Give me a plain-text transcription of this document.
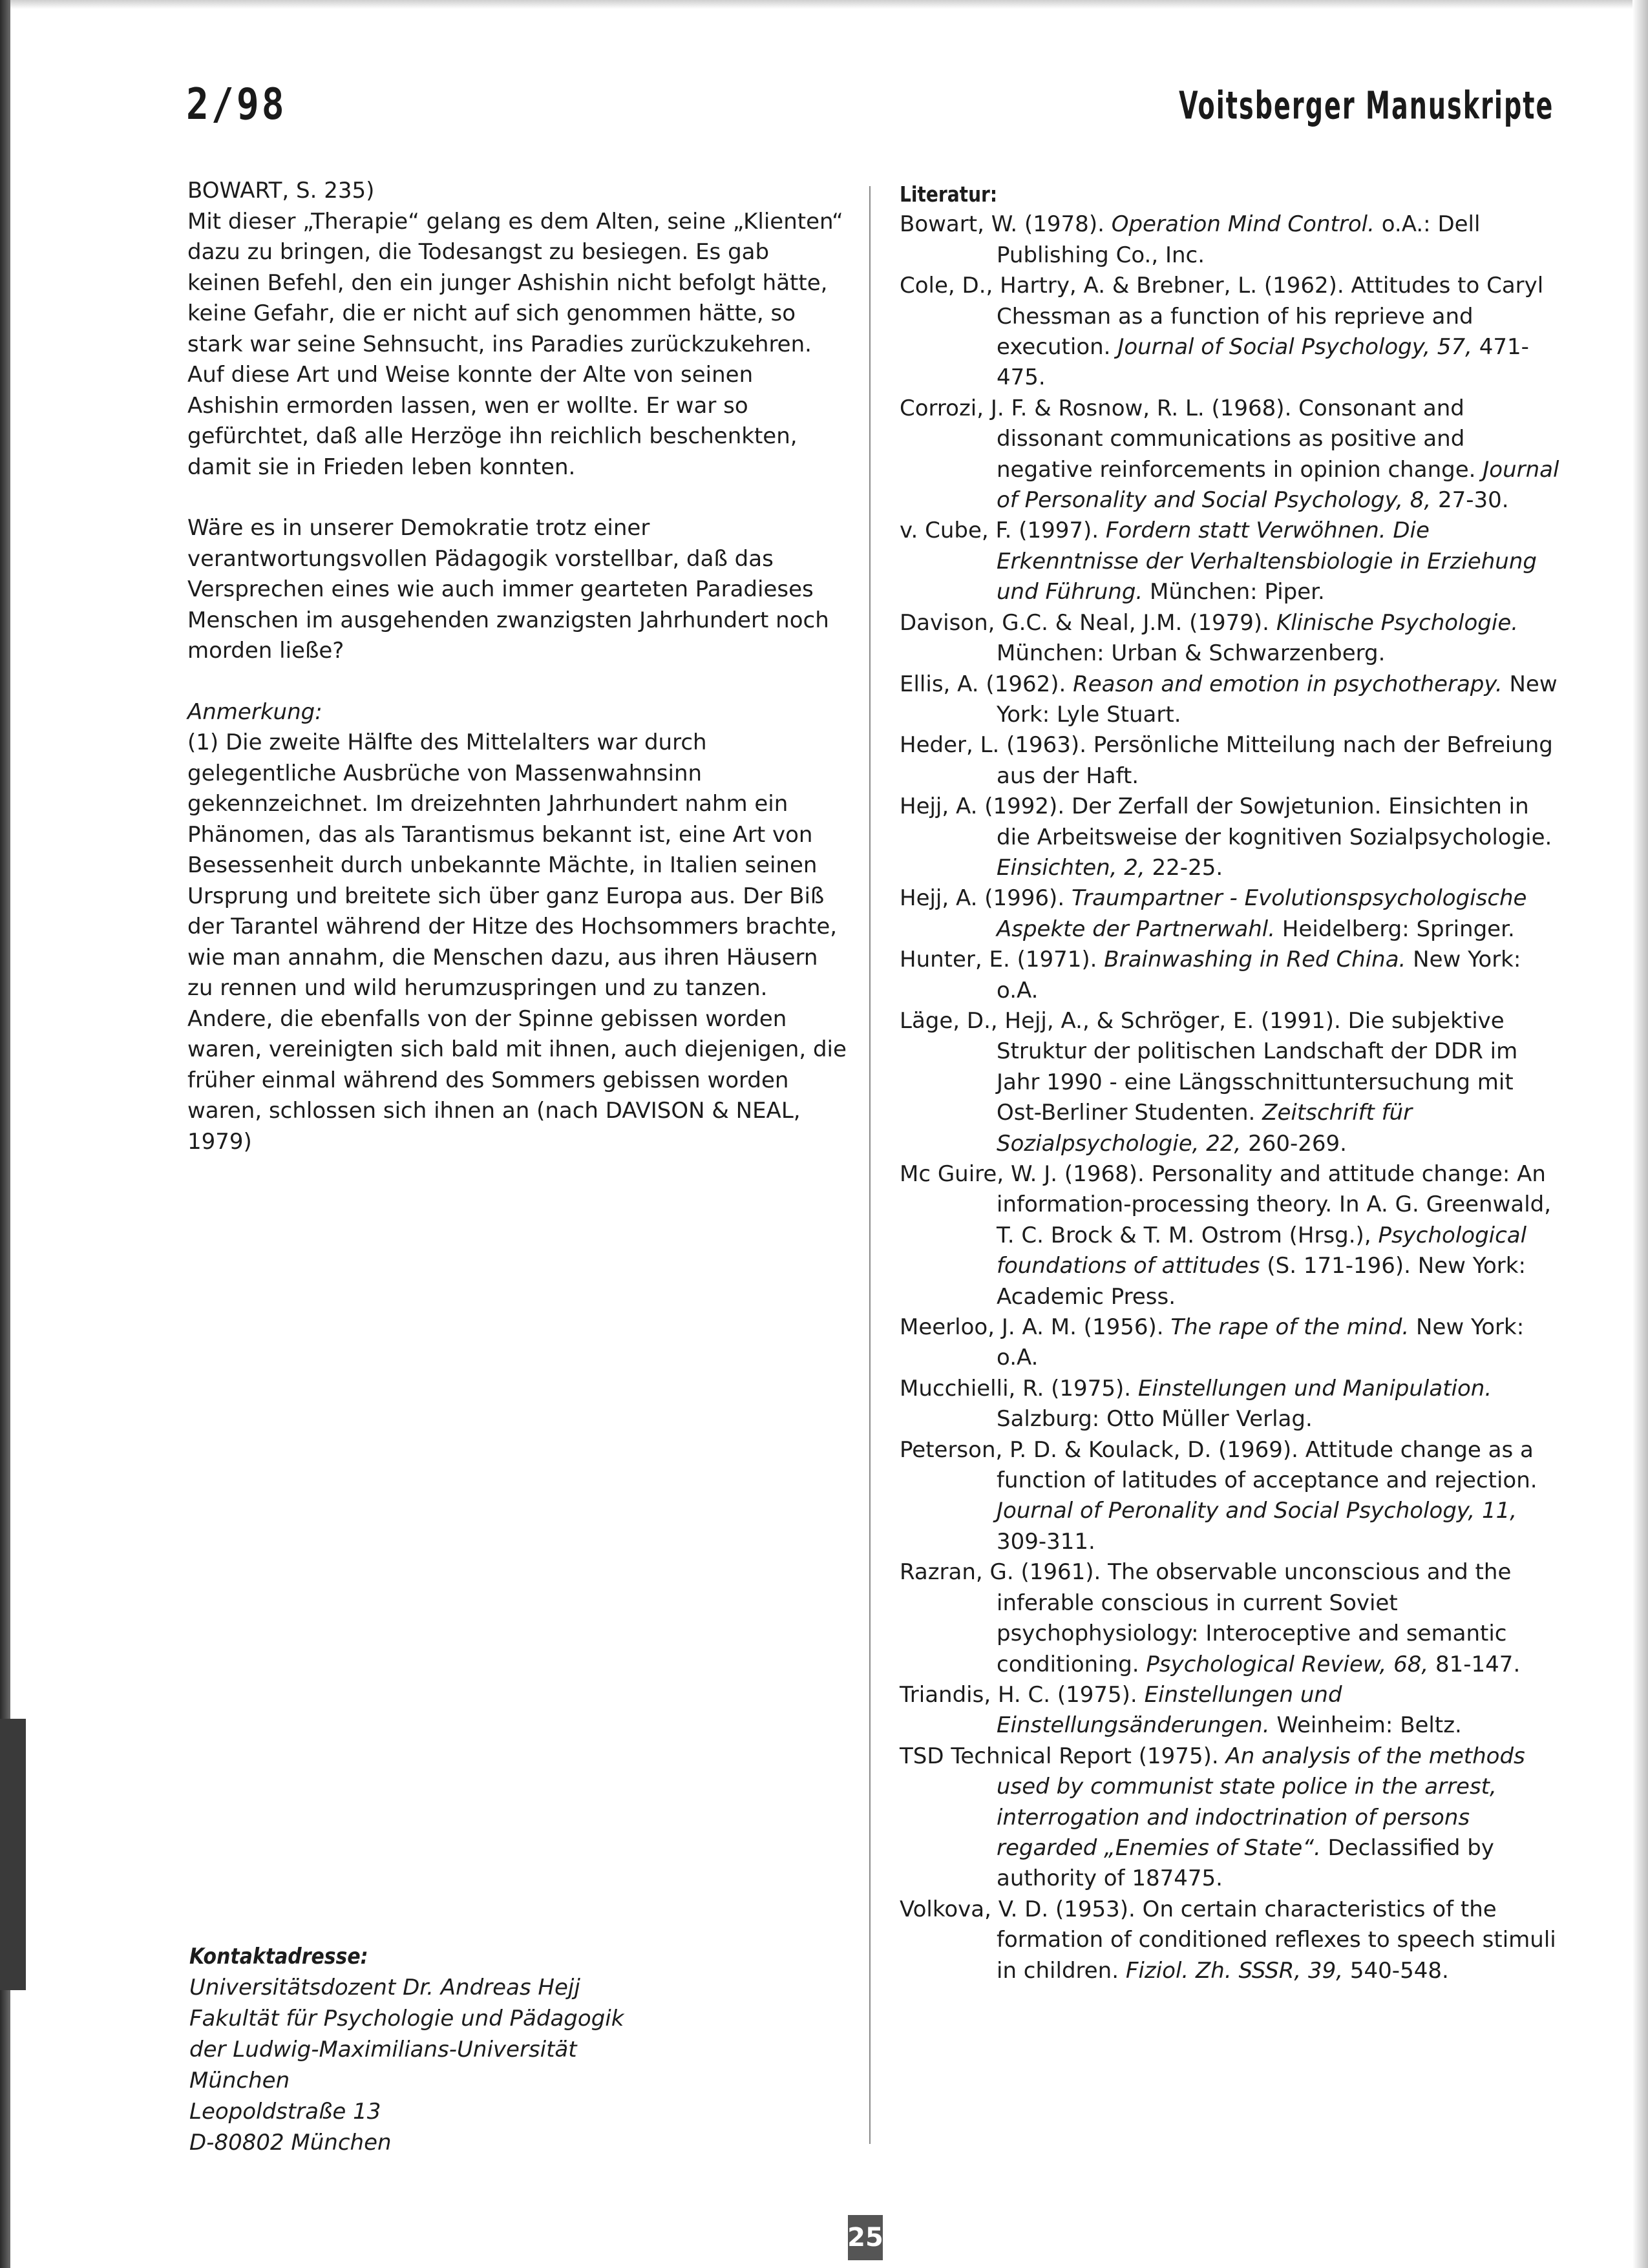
2/98	Voitsberger Manuskripte

BOWART, S. 235)

Mit dieser „Therapie“ gelang es dem Alten, seine „Klienten“ dazu zu bringen, die Todesangst zu besiegen. Es gab keinen Befehl, den ein junger Ashishin nicht befolgt hätte, keine Gefahr, die er nicht auf sich genommen hätte, so stark war seine Sehnsucht, ins Paradies zurückzukehren.

Auf diese Art und Weise konnte der Alte von seinen Ashishin ermorden lassen, wen er wollte. Er war so gefürchtet, daß alle Herzöge ihn reichlich beschenkten, damit sie in Frieden leben konnten.

Wäre es in unserer Demokratie trotz einer verantwortungsvollen Pädagogik vorstellbar, daß das Versprechen eines wie auch immer gearteten Paradieses Menschen im ausgehenden zwanzigsten Jahrhundert noch morden ließe?

Anmerkung:

(1) Die zweite Hälfte des Mittelalters war durch gelegentliche Ausbrüche von Massenwahnsinn gekennzeichnet. Im dreizehnten Jahrhundert nahm ein Phänomen, das als Tarantismus bekannt ist, eine Art von Besessenheit durch unbekannte Mächte, in Italien seinen Ursprung und breitete sich über ganz Europa aus. Der Biß der Tarantel während der Hitze des Hochsommers brachte, wie man annahm, die Menschen dazu, aus ihren Häusern zu rennen und wild herumzuspringen und zu tanzen. Andere, die ebenfalls von der Spinne gebissen worden waren, vereinigten sich bald mit ihnen, auch diejenigen, die früher einmal während des Sommers gebissen worden waren, schlossen sich ihnen an (nach DAVISON & NEAL, 1979)

Literatur:

Bowart, W. (1978). Operation Mind Control. o.A.: Dell Publishing Co., Inc.

Cole, D., Hartry, A. & Brebner, L. (1962). Attitudes to Caryl Chessman as a function of his reprieve and execution. Journal of Social Psychology, 57, 471-475.

Corrozi, J. F. & Rosnow, R. L. (1968). Consonant and dissonant communications as positive and negative reinforcements in opinion change. Journal of Personality and Social Psychology, 8, 27-30.

v. Cube, F. (1997). Fordern statt Verwöhnen. Die Erkenntnisse der Verhaltensbiologie in Erziehung und Führung. München: Piper.

Davison, G.C. & Neal, J.M. (1979). Klinische Psychologie. München: Urban & Schwarzenberg.

Ellis, A. (1962). Reason and emotion in psychotherapy. New York: Lyle Stuart.

Heder, L. (1963). Persönliche Mitteilung nach der Befreiung aus der Haft.

Hejj, A. (1992). Der Zerfall der Sowjetunion. Einsichten in die Arbeitsweise der kognitiven Sozialpsychologie. Einsichten, 2, 22-25.

Hejj, A. (1996). Traumpartner - Evolutionspsychologische Aspekte der Partnerwahl. Heidelberg: Springer.

Hunter, E. (1971). Brainwashing in Red China. New York: o.A.

Läge, D., Hejj, A., & Schröger, E. (1991). Die subjektive Struktur der politischen Landschaft der DDR im Jahr 1990 - eine Längsschnittuntersuchung mit Ost-Berliner Studenten. Zeitschrift für Sozialpsychologie, 22, 260-269.

Mc Guire, W. J. (1968). Personality and attitude change: An information-processing theory. In A. G. Greenwald, T. C. Brock & T. M. Ostrom (Hrsg.), Psychological foundations of attitudes (S. 171-196). New York: Academic Press.

Meerloo, J. A. M. (1956). The rape of the mind. New York: o.A.

Mucchielli, R. (1975). Einstellungen und Manipulation. Salzburg: Otto Müller Verlag.

Peterson, P. D. & Koulack, D. (1969). Attitude change as a function of latitudes of acceptance and rejection. Journal of Peronality and Social Psychology, 11, 309-311.

Razran, G. (1961). The observable unconscious and the inferable conscious in current Soviet psychophysiology: Interoceptive and semantic conditioning. Psychological Review, 68, 81-147.

Triandis, H. C. (1975). Einstellungen und Einstellungsänderungen. Weinheim: Beltz.

TSD Technical Report (1975). An analysis of the methods used by communist state police in the arrest, interrogation and indoctrination of persons regarded „Enemies of State“. Declassified by authority of 187475.

Volkova, V. D. (1953). On certain characteristics of the formation of conditioned reflexes to speech stimuli in children. Fiziol. Zh. SSSR, 39, 540-548.

Kontaktadresse:

Universitätsdozent Dr. Andreas Hejj

Fakultät für Psychologie und Pädagogik

der Ludwig-Maximilians-Universität

München

Leopoldstraße 13

D-80802 München

25
